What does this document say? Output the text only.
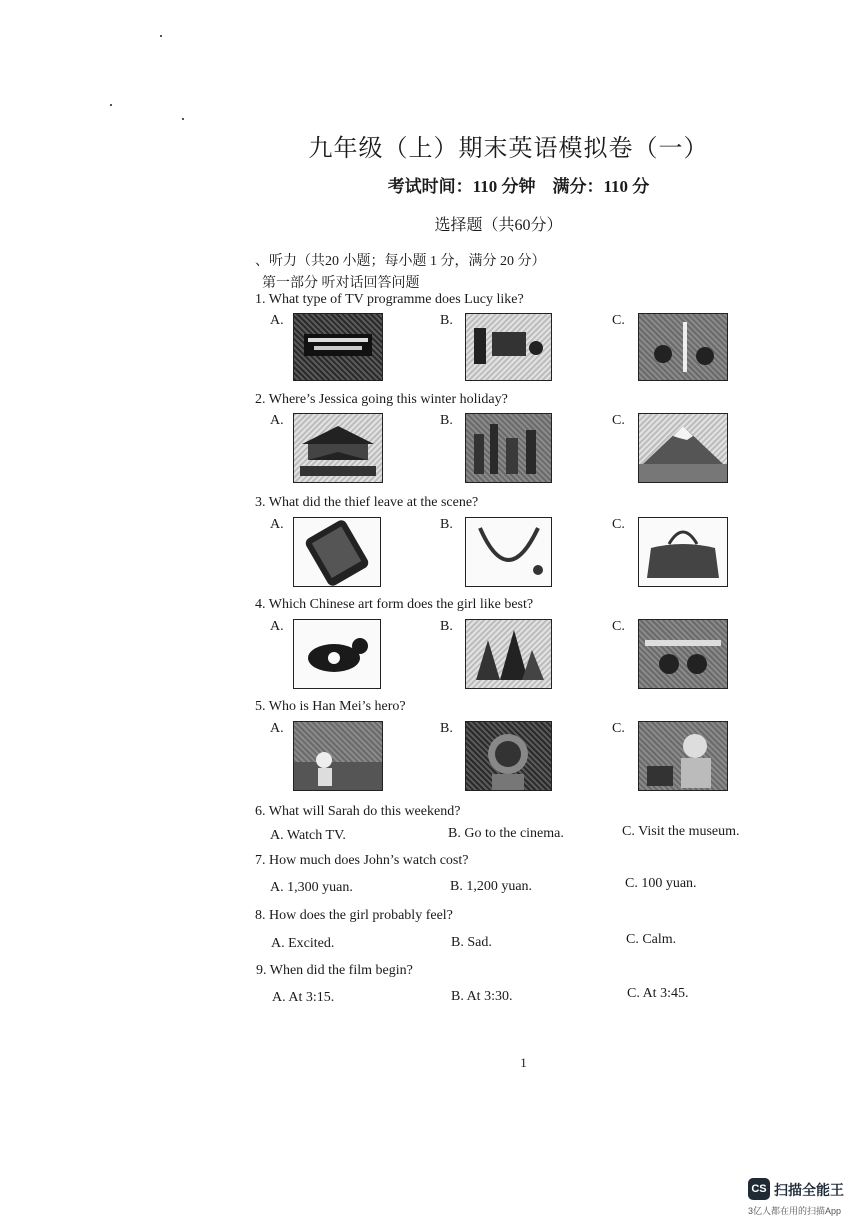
九年级（上）期末英语模拟卷（一）
考试时间：110 分钟　满分：110 分
选择题（共60分）
、听力（共20 小题；每小题 1 分，满分 20 分）
第一部分 听对话回答问题
1. What type of TV programme does Lucy like?
A.	B.	C.
2. Where’s Jessica going this winter holiday?
A.	B.	C.
3. What did the thief leave at the scene?
A.	B.	C.
4. Which Chinese art form does the girl like best?
A.	B.	C.
5. Who is Han Mei’s hero?
A.	B.	C.
6. What will Sarah do this weekend?
A. Watch TV.	B. Go to the cinema.	C. Visit the museum.
7. How much does John’s watch cost?
A. 1,300 yuan.	B. 1,200 yuan.	C. 100 yuan.
8. How does the girl probably feel?
A. Excited.	B. Sad.	C. Calm.
9. When did the film begin?
A. At 3:15.	B. At 3:30.	C. At 3:45.
1
CS 扫描全能王
3亿人都在用的扫描App
